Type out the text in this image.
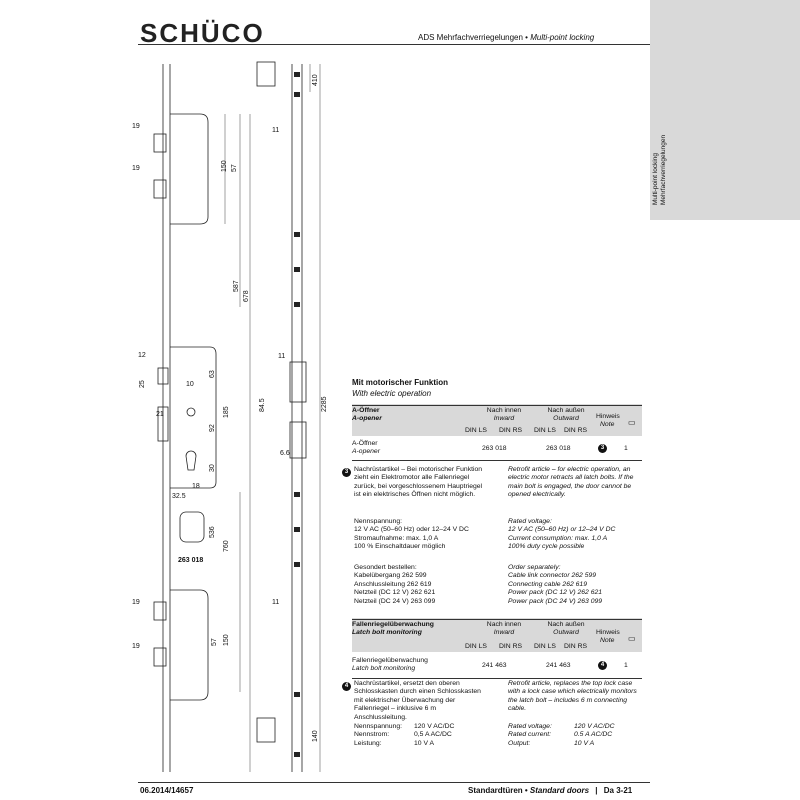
SCHÜCO	ADS Mehrfachverriegelungen • Multi-point locking
Multi-point locking Mehrfachverriegelungen
19
19	150 57
587
678
12
25	10
63
21
92
185
30
18
32.5
760
536
19
19
57 150
410
11
11
84.5	2285
6.6
11
140
263 018
Mit motorischer Funktion
With electric operation
A-Öffner
A-opener
Nach innen
Inward
Nach außen
Outward	Hinweis
Note ▭
DIN LS DIN RS DIN LS DIN RS
A-Öffner
A-opener	263 018	263 018	3	1
3 Nachrüstartikel – Bei motorischer Funktion zieht ein Elektromotor alle Fallenriegel zurück, bei vorgeschlossenem Hauptriegel ist ein elektrisches Öffnen nicht möglich.
Retrofit article – for electric operation, an electric motor retracts all latch bolts. If the main bolt is engaged, the door cannot be opened electrically.
Nennspannung:
12 V AC (50–60 Hz) oder 12–24 V DC
Stromaufnahme: max. 1,0 A
100 % Einschaltdauer möglich
Rated voltage:
12 V AC (50–60 Hz) or 12–24 V DC
Current consumption: max. 1,0 A
100% duty cycle possible
Gesondert bestellen:
Kabelübergang 262 599
Anschlussleitung 262 619
Netzteil (DC 12 V) 262 621
Netzteil (DC 24 V) 263 099
Order separately:
Cable link connector 262 599
Connecting cable 262 619
Power pack (DC 12 V) 262 621
Power pack (DC 24 V) 263 099
Fallenriegelüberwachung
Latch bolt monitoring
Nach innen
Inward
Nach außen
Outward	Hinweis
Note ▭
DIN LS DIN RS DIN LS DIN RS
Fallenriegelüberwachung
Latch bolt monitoring	241 463	241 463	4	1
4 Nachrüstartikel, ersetzt den oberen Schlosskasten durch einen Schlosskasten mit elektrischer Überwachung der Fallenriegel – inklusive 6 m Anschlussleitung.
Retrofit article, replaces the top lock case with a lock case which electrically monitors the latch bolt – includes 6 m connecting cable.
Nennspannung: 120 V AC/DC
Nennstrom:	0,5 A AC/DC
Leistung:	10 V A
Rated voltage:	120 V AC/DC
Rated current:	0.5 A AC/DC
Output:	10 V A
06.2014/14657	Standardtüren • Standard doors | Da 3-21
